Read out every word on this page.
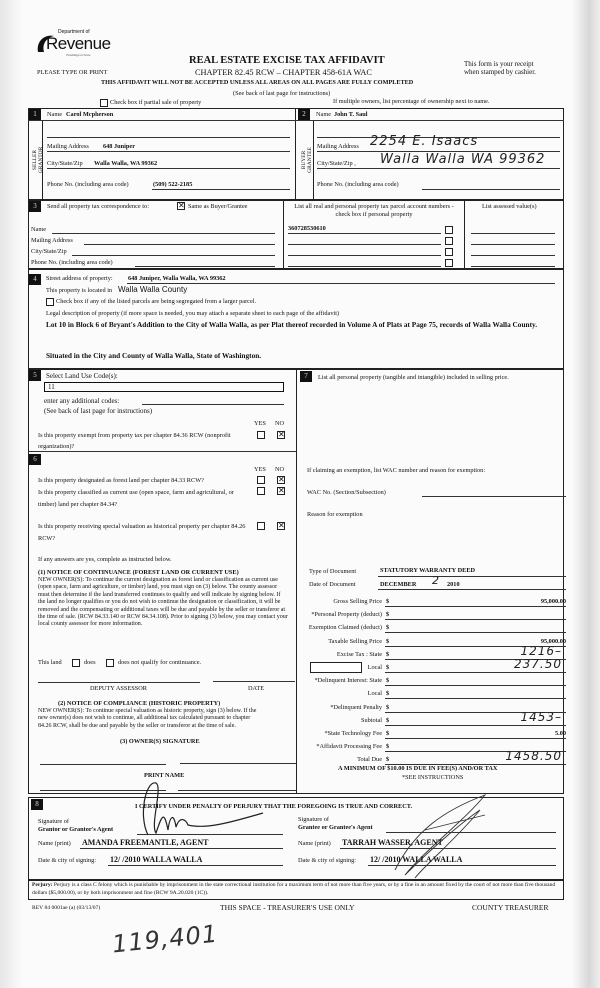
Department of
Revenue
Washington State
PLEASE TYPE OR PRINT
REAL ESTATE EXCISE TAX AFFIDAVIT
CHAPTER 82.45 RCW – CHAPTER 458-61A WAC
This form is your receipt
when stamped by cashier.
THIS AFFIDAVIT WILL NOT BE ACCEPTED UNLESS ALL AREAS ON ALL PAGES ARE FULLY COMPLETED
(See back of last page for instructions)
Check box if partial sale of property	If multiple owners, list percentage of ownership next to name.
1	Name Carol Mcpherson
SELLER GRANTOR
Mailing Address 648 Juniper
City/State/Zip Walla Walla, WA 99362
Phone No. (including area code)	(509) 522-2185
2	Name John T. Saul
BUYER GRANTEE
Mailing Address 2254 E. Isaacs
City/State/Zip , Walla Walla WA 99362
Phone No. (including area code)
3	Send all property tax correspondence to:	✕ Same as Buyer/Grantee
Name
Mailing Address
City/State/Zip
Phone No. (including area code)
List all real and personal property tax parcel account numbers - check box if personal property
List assessed value(s)
360728530610
4	Street address of property: 648 Juniper, Walla Walla, WA 99362
This property is located in Walla Walla County
Check box if any of the listed parcels are being segregated from a larger parcel.
Legal description of property (if more space is needed, you may attach a separate sheet to each page of the affidavit)
Lot 10 in Block 6 of Bryant's Addition to the City of Walla Walla, as per Plat thereof recorded in Volume A of Plats at Page 75, records of Walla Walla County.
Situated in the City and County of Walla Walla, State of Washington.
5	Select Land Use Code(s):
11
enter any additional codes:
(See back of last page for instructions)
YES NO
Is this property exempt from property tax per chapter 84.36 RCW (nonprofit organization)?
✕
6
YES NO
Is this property designated as forest land per chapter 84.33 RCW?	✕
Is this property classified as current use (open space, farm and agricultural, or timber) land per chapter 84.34?
✕
Is this property receiving special valuation as historical property per chapter 84.26 RCW?
✕
If any answers are yes, complete as instructed below.
(1) NOTICE OF CONTINUANCE (FOREST LAND OR CURRENT USE)
NEW OWNER(S): To continue the current designation as forest land or classification as current use (open space, farm and agriculture, or timber) land, you must sign on (3) below. The county assessor must then determine if the land transferred continues to qualify and will indicate by signing below. If the land no longer qualifies or you do not wish to continue the designation or classification, it will be removed and the compensating or additional taxes will be due and payable by the seller or transferor at the time of sale. (RCW 84.33.140 or RCW 84.34.108). Prior to signing (3) below, you may contact your local county assessor for more information.
This land	does	does not qualify for continuance.
DEPUTY ASSESSOR	DATE
(2) NOTICE OF COMPLIANCE (HISTORIC PROPERTY)
NEW OWNER(S): To continue special valuation as historic property, sign (3) below. If the new owner(s) does not wish to continue, all additional tax calculated pursuant to chapter 84.26 RCW, shall be due and payable by the seller or transferor at the time of sale.
(3) OWNER(S) SIGNATURE
PRINT NAME
7	List all personal property (tangible and intangible) included in selling price.
If claiming an exemption, list WAC number and reason for exemption:
WAC No. (Section/Subsection)
Reason for exemption
Type of Document	STATUTORY WARRANTY DEED
Date of Document	DECEMBER 2 2010
Gross Selling Price $	95,000.00
*Personal Property (deduct) $
Exemption Claimed (deduct) $
Taxable Selling Price $	95,000.00
Excise Tax : State $	1216–
Local $	237.50
*Delinquent Interest: State $
Local $
*Delinquent Penalty $
Subtotal $	1453–
*State Technology Fee $	5.00
*Affidavit Processing Fee $
Total Due $	1458.50
A MINIMUM OF $10.00 IS DUE IN FEE(S) AND/OR TAX
*SEE INSTRUCTIONS
8	I CERTIFY UNDER PENALTY OF PERJURY THAT THE FOREGOING IS TRUE AND CORRECT.
Signature of
Grantor or Grantor's Agent
Name (print) AMANDA FREEMANTLE, AGENT
Date & city of signing: 12/ /2010 WALLA WALLA
Signature of
Grantee or Grantee's Agent
Name (print) TARRAH WASSER, AGENT
Date & city of signing: 12/ /2010 WALLA WALLA
Perjury: Perjury is a class C felony which is punishable by imprisonment in the state correctional institution for a maximum term of not more than five years, or by a fine in an amount fixed by the court of not more than five thousand dollars ($5,000.00), or by both imprisonment and fine (RCW 9A.20.020 (1C)).
REV 84 0001ae (a) (03/13/07)	THIS SPACE - TREASURER'S USE ONLY	COUNTY TREASURER
119,401
